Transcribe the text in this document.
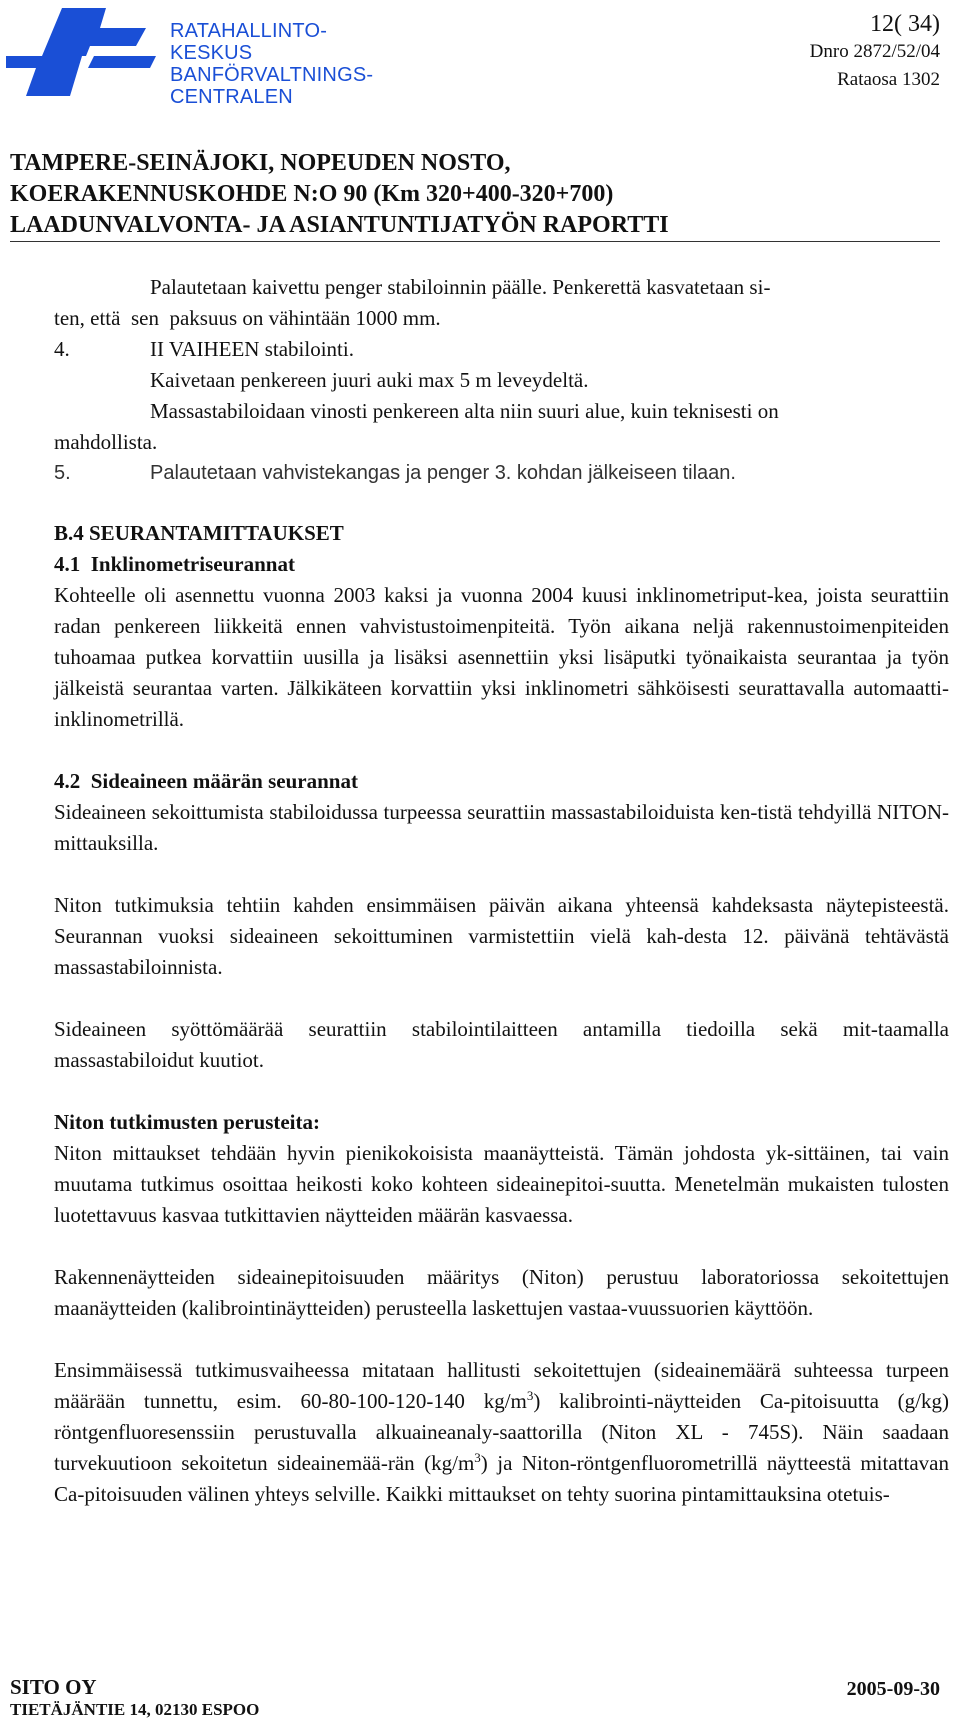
RATAHALLINTO-
KESKUS
BANFÖRVALTNINGS-
CENTRALEN
12( 34)
Dnro 2872/52/04
Rataosa 1302
TAMPERE-SEINÄJOKI, NOPEUDEN NOSTO,
KOERAKENNUSKOHDE N:O 90 (Km 320+400-320+700)
LAADUNVALVONTA- JA ASIANTUNTIJATYÖN RAPORTTI

Palautetaan kaivettu penger stabiloinnin päälle. Penkerettä kasvatetaan si-

ten, että  sen  paksuus on vähintään 1000 mm.

4.	II VAIHEEN stabilointi.

Kaivetaan penkereen juuri auki max 5 m leveydeltä.

Massastabiloidaan vinosti penkereen alta niin suuri alue, kuin teknisesti on

mahdollista.

5.	Palautetaan vahvistekangas ja penger 3. kohdan jälkeiseen tilaan.

B.4 SEURANTAMITTAUKSET

4.1  Inklinometriseurannat

Kohteelle oli asennettu vuonna 2003 kaksi ja vuonna 2004 kuusi inklinometriput-kea, joista seurattiin radan penkereen liikkeitä ennen vahvistustoimenpiteitä. Työn aikana neljä rakennustoimenpiteiden tuhoamaa putkea korvattiin uusilla ja lisäksi asennettiin yksi lisäputki työnaikaista seurantaa ja työn jälkeistä seurantaa varten. Jälkikäteen korvattiin yksi inklinometri sähköisesti seurattavalla automaatti-inklinometrillä.

4.2  Sideaineen määrän seurannat

Sideaineen sekoittumista stabiloidussa turpeessa seurattiin massastabiloiduista ken-tistä tehdyillä NITON-mittauksilla.

Niton tutkimuksia tehtiin kahden ensimmäisen päivän aikana yhteensä kahdeksasta näytepisteestä. Seurannan vuoksi sideaineen sekoittuminen varmistettiin vielä kah-desta 12. päivänä tehtävästä massastabiloinnista.

Sideaineen syöttömäärää seurattiin stabilointilaitteen antamilla tiedoilla sekä mit-taamalla massastabiloidut kuutiot.

Niton tutkimusten perusteita:

Niton mittaukset tehdään hyvin pienikokoisista maanäytteistä. Tämän johdosta yk-sittäinen, tai vain muutama tutkimus osoittaa heikosti koko kohteen sideainepitoi-suutta. Menetelmän mukaisten tulosten luotettavuus kasvaa tutkittavien näytteiden määrän kasvaessa.

Rakennenäytteiden sideainepitoisuuden määritys (Niton) perustuu laboratoriossa sekoitettujen maanäytteiden (kalibrointinäytteiden) perusteella laskettujen vastaa-vuussuorien käyttöön.

Ensimmäisessä tutkimusvaiheessa mitataan hallitusti sekoitettujen (sideainemäärä suhteessa turpeen määrään tunnettu, esim. 60-80-100-120-140 $kg/m^3$) kalibrointi-näytteiden Ca-pitoisuutta (g/kg) röntgenfluoresenssiin perustuvalla alkuaineanaly-saattorilla (Niton XL - 745S). Näin saadaan turvekuutioon sekoitetun sideainemää-rän $(kg/m^3)$ ja Niton-röntgenfluorometrillä näytteestä mitattavan Ca-pitoisuuden välinen yhteys selville. Kaikki mittaukset on tehty suorina pintamittauksina otetuis-

SITO OY
TIETÄJÄNTIE 14, 02130 ESPOO
2005-09-30
